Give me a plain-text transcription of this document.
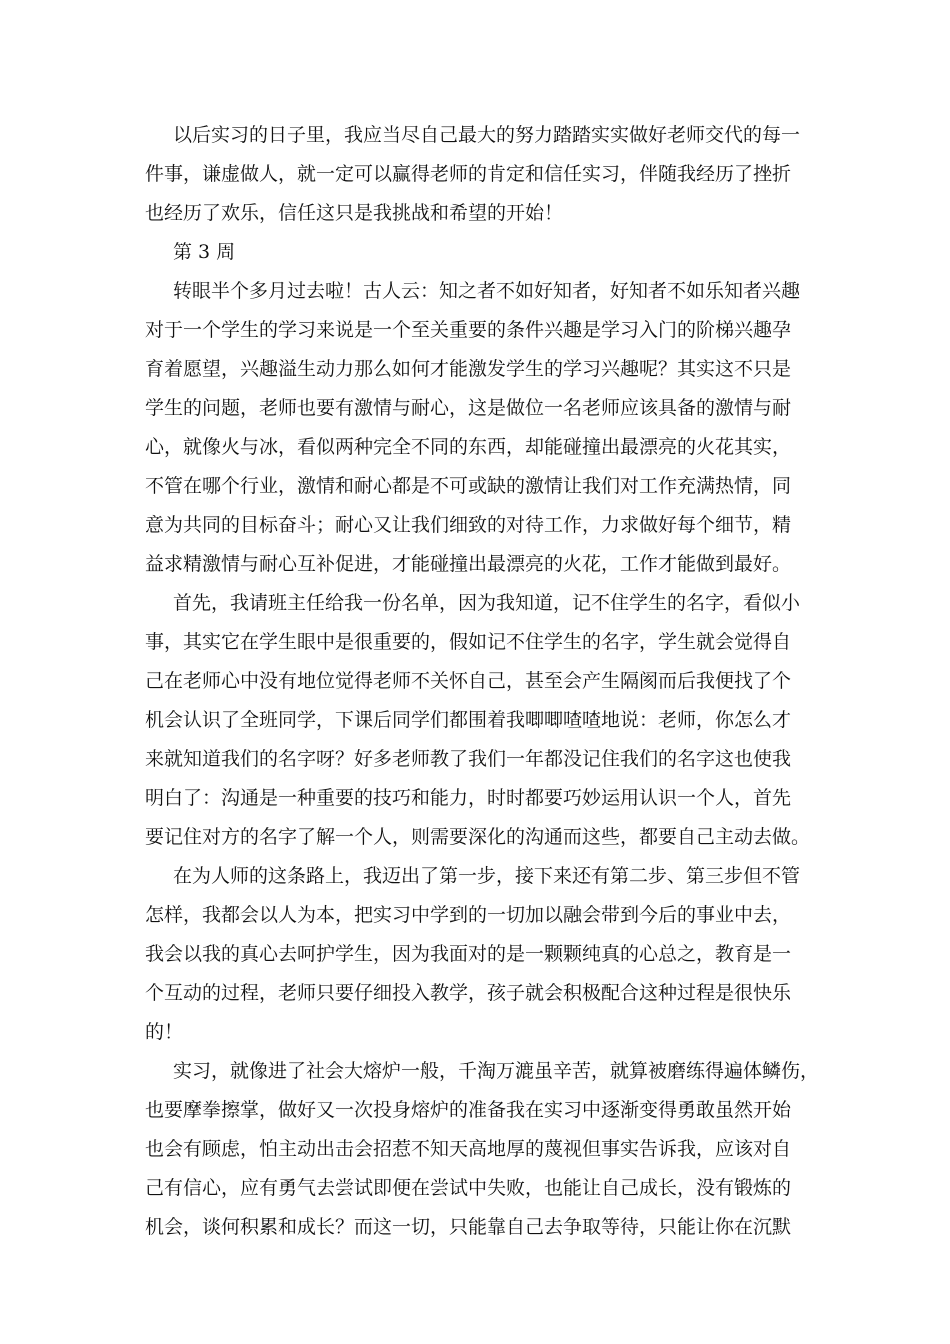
以后实习的日子里，我应当尽自己最大的努力踏踏实实做好老师交代的每一
件事，谦虚做人，就一定可以赢得老师的肯定和信任实习，伴随我经历了挫折
也经历了欢乐，信任这只是我挑战和希望的开始！
第 3 周
转眼半个多月过去啦！古人云：知之者不如好知者，好知者不如乐知者兴趣
对于一个学生的学习来说是一个至关重要的条件兴趣是学习入门的阶梯兴趣孕
育着愿望，兴趣溢生动力那么如何才能激发学生的学习兴趣呢？其实这不只是
学生的问题，老师也要有激情与耐心，这是做位一名老师应该具备的激情与耐
心，就像火与冰，看似两种完全不同的东西，却能碰撞出最漂亮的火花其实，
不管在哪个行业，激情和耐心都是不可或缺的激情让我们对工作充满热情，同
意为共同的目标奋斗；耐心又让我们细致的对待工作，力求做好每个细节，精
益求精激情与耐心互补促进，才能碰撞出最漂亮的火花，工作才能做到最好。
首先，我请班主任给我一份名单，因为我知道，记不住学生的名字，看似小
事，其实它在学生眼中是很重要的，假如记不住学生的名字，学生就会觉得自
己在老师心中没有地位觉得老师不关怀自己，甚至会产生隔阂而后我便找了个
机会认识了全班同学，下课后同学们都围着我唧唧喳喳地说：老师，你怎么才
来就知道我们的名字呀？好多老师教了我们一年都没记住我们的名字这也使我
明白了：沟通是一种重要的技巧和能力，时时都要巧妙运用认识一个人，首先
要记住对方的名字了解一个人，则需要深化的沟通而这些，都要自己主动去做。
在为人师的这条路上，我迈出了第一步，接下来还有第二步、第三步但不管
怎样，我都会以人为本，把实习中学到的一切加以融会带到今后的事业中去，
我会以我的真心去呵护学生，因为我面对的是一颗颗纯真的心总之，教育是一
个互动的过程，老师只要仔细投入教学，孩子就会积极配合这种过程是很快乐
的！
实习，就像进了社会大熔炉一般，千淘万漉虽辛苦，就算被磨练得遍体鳞伤，
也要摩拳擦掌，做好又一次投身熔炉的准备我在实习中逐渐变得勇敢虽然开始
也会有顾虑，怕主动出击会招惹不知天高地厚的蔑视但事实告诉我，应该对自
己有信心，应有勇气去尝试即便在尝试中失败，也能让自己成长，没有锻炼的
机会，谈何积累和成长？而这一切，只能靠自己去争取等待，只能让你在沉默
